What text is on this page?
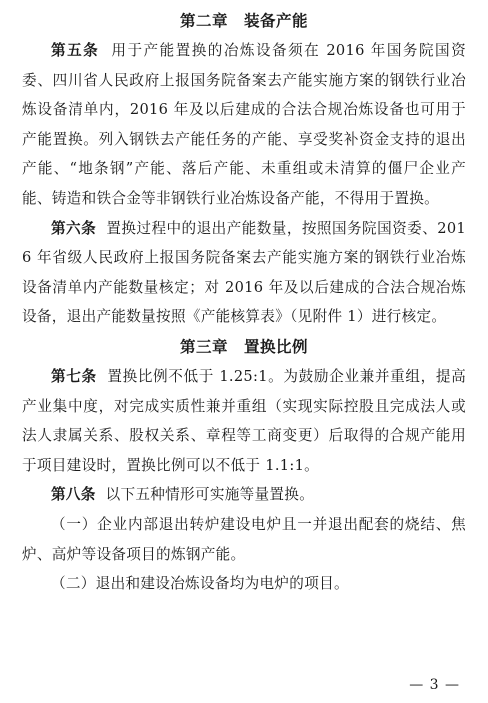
第二章　装备产能

第五条 用于产能置换的冶炼设备须在 2016 年国务院国资委、四川省人民政府上报国务院备案去产能实施方案的钢铁行业冶炼设备清单内，2016 年及以后建成的合法合规冶炼设备也可用于产能置换。列入钢铁去产能任务的产能、享受奖补资金支持的退出产能、“地条钢”产能、落后产能、未重组或未清算的僵尸企业产能、铸造和铁合金等非钢铁行业冶炼设备产能，不得用于置换。

第六条 置换过程中的退出产能数量，按照国务院国资委、2016 年省级人民政府上报国务院备案去产能实施方案的钢铁行业冶炼设备清单内产能数量核定；对 2016 年及以后建成的合法合规冶炼设备，退出产能数量按照《产能核算表》（见附件 1）进行核定。

第三章　置换比例

第七条 置换比例不低于 1.25:1。为鼓励企业兼并重组，提高产业集中度，对完成实质性兼并重组（实现实际控股且完成法人或法人隶属关系、股权关系、章程等工商变更）后取得的合规产能用于项目建设时，置换比例可以不低于 1.1:1。

第八条 以下五种情形可实施等量置换。

（一）企业内部退出转炉建设电炉且一并退出配套的烧结、焦炉、高炉等设备项目的炼钢产能。

（二）退出和建设冶炼设备均为电炉的项目。

— 3 —
